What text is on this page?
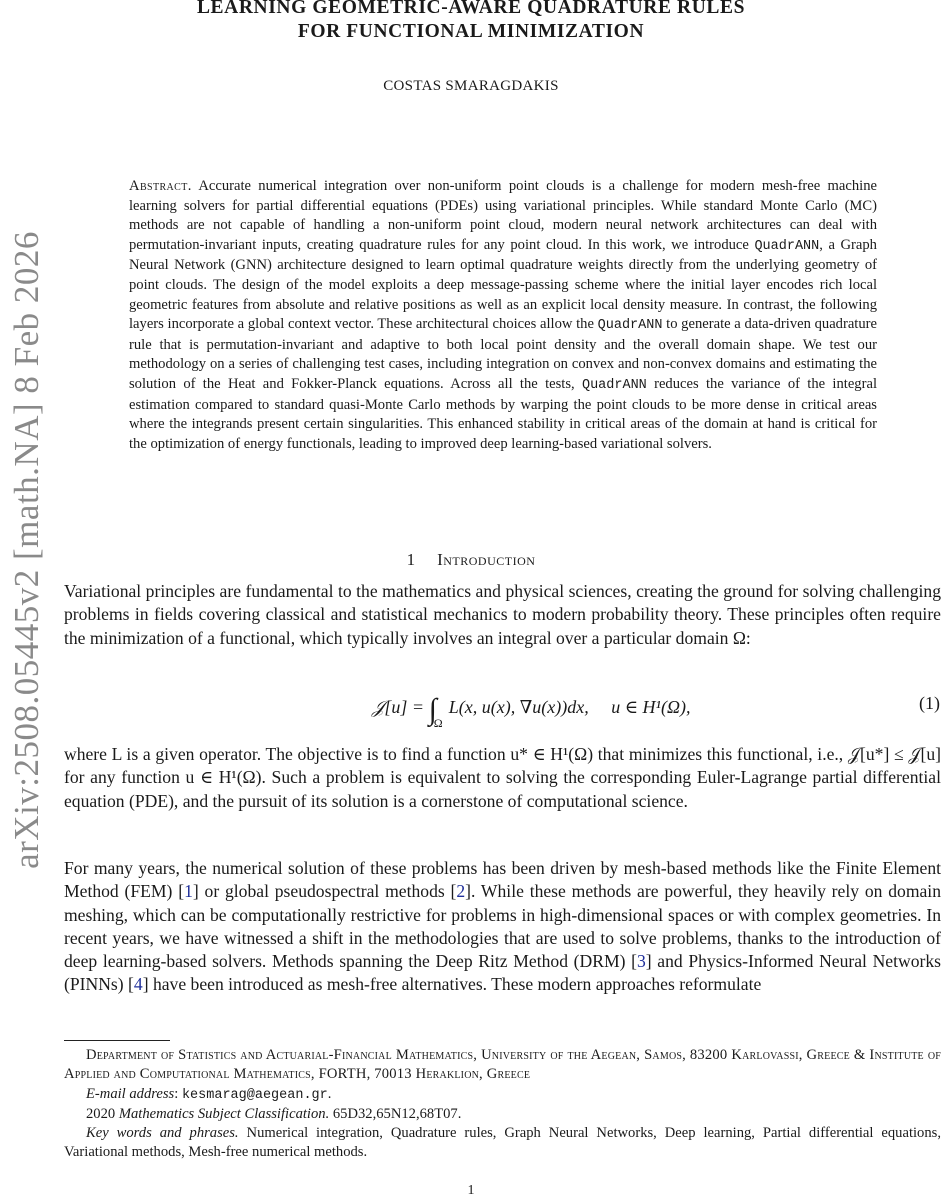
arXiv:2508.05445v2 [math.NA] 8 Feb 2026
LEARNING GEOMETRIC-AWARE QUADRATURE RULES
FOR FUNCTIONAL MINIMIZATION
COSTAS SMARAGDAKIS
Abstract. Accurate numerical integration over non-uniform point clouds is a challenge for modern mesh-free machine learning solvers for partial differential equations (PDEs) using variational principles. While standard Monte Carlo (MC) methods are not capable of handling a non-uniform point cloud, modern neural network architectures can deal with permutation-invariant inputs, creating quadrature rules for any point cloud. In this work, we introduce QuadrANN, a Graph Neural Network (GNN) architecture designed to learn optimal quadrature weights directly from the underlying geometry of point clouds. The design of the model exploits a deep message-passing scheme where the initial layer encodes rich local geometric features from absolute and relative positions as well as an explicit local density measure. In contrast, the following layers incorporate a global context vector. These architectural choices allow the QuadrANN to generate a data-driven quadrature rule that is permutation-invariant and adaptive to both local point density and the overall domain shape. We test our methodology on a series of challenging test cases, including integration on convex and non-convex domains and estimating the solution of the Heat and Fokker-Planck equations. Across all the tests, QuadrANN reduces the variance of the integral estimation compared to standard quasi-Monte Carlo methods by warping the point clouds to be more dense in critical areas where the integrands present certain singularities. This enhanced stability in critical areas of the domain at hand is critical for the optimization of energy functionals, leading to improved deep learning-based variational solvers.
1 Introduction
Variational principles are fundamental to the mathematics and physical sciences, creating the ground for solving challenging problems in fields covering classical and statistical mechanics to modern probability theory. These principles often require the minimization of a functional, which typically involves an integral over a particular domain Ω:
𝒥[u] = $\int_\Omega L(x$, u(x), ∇u(x))dx, u ∈ H¹(Ω),	(1)
where L is a given operator. The objective is to find a function u* ∈ H¹(Ω) that minimizes this functional, i.e., 𝒥[u*] ≤ 𝒥[u] for any function u ∈ H¹(Ω). Such a problem is equivalent to solving the corresponding Euler-Lagrange partial differential equation (PDE), and the pursuit of its solution is a cornerstone of computational science.
For many years, the numerical solution of these problems has been driven by mesh-based methods like the Finite Element Method (FEM) [1] or global pseudospectral methods [2]. While these methods are powerful, they heavily rely on domain meshing, which can be computationally restrictive for problems in high-dimensional spaces or with complex geometries. In recent years, we have witnessed a shift in the methodologies that are used to solve problems, thanks to the introduction of deep learning-based solvers. Methods spanning the Deep Ritz Method (DRM) [3] and Physics-Informed Neural Networks (PINNs) [4] have been introduced as mesh-free alternatives. These modern approaches reformulate

Department of Statistics and Actuarial-Financial Mathematics, University of the Aegean, Samos, 83200 Karlovassi, Greece & Institute of Applied and Computational Mathematics, FORTH, 70013 Heraklion, Greece

E-mail address: kesmarag@aegean.gr.

2020 Mathematics Subject Classification. 65D32,65N12,68T07.

Key words and phrases. Numerical integration, Quadrature rules, Graph Neural Networks, Deep learning, Partial differential equations, Variational methods, Mesh-free numerical methods.

1
